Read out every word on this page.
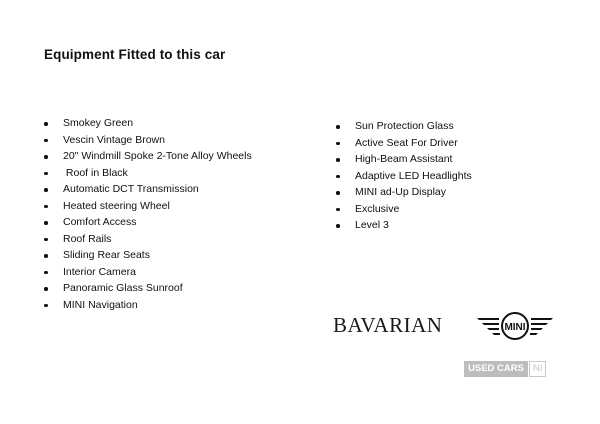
Equipment Fitted to this car
Smokey Green
Vescin Vintage Brown
20" Windmill Spoke 2-Tone Alloy Wheels
Roof in Black
Automatic DCT Transmission
Heated steering Wheel
Comfort Access
Roof Rails
Sliding Rear Seats
Interior Camera
Panoramic Glass Sunroof
MINI Navigation
Sun Protection Glass
Active Seat For Driver
High-Beam Assistant
Adaptive LED Headlights
MINI ad-Up Display
Exclusive
Level 3
BAVARIAN	MINI
USED CARS NI
